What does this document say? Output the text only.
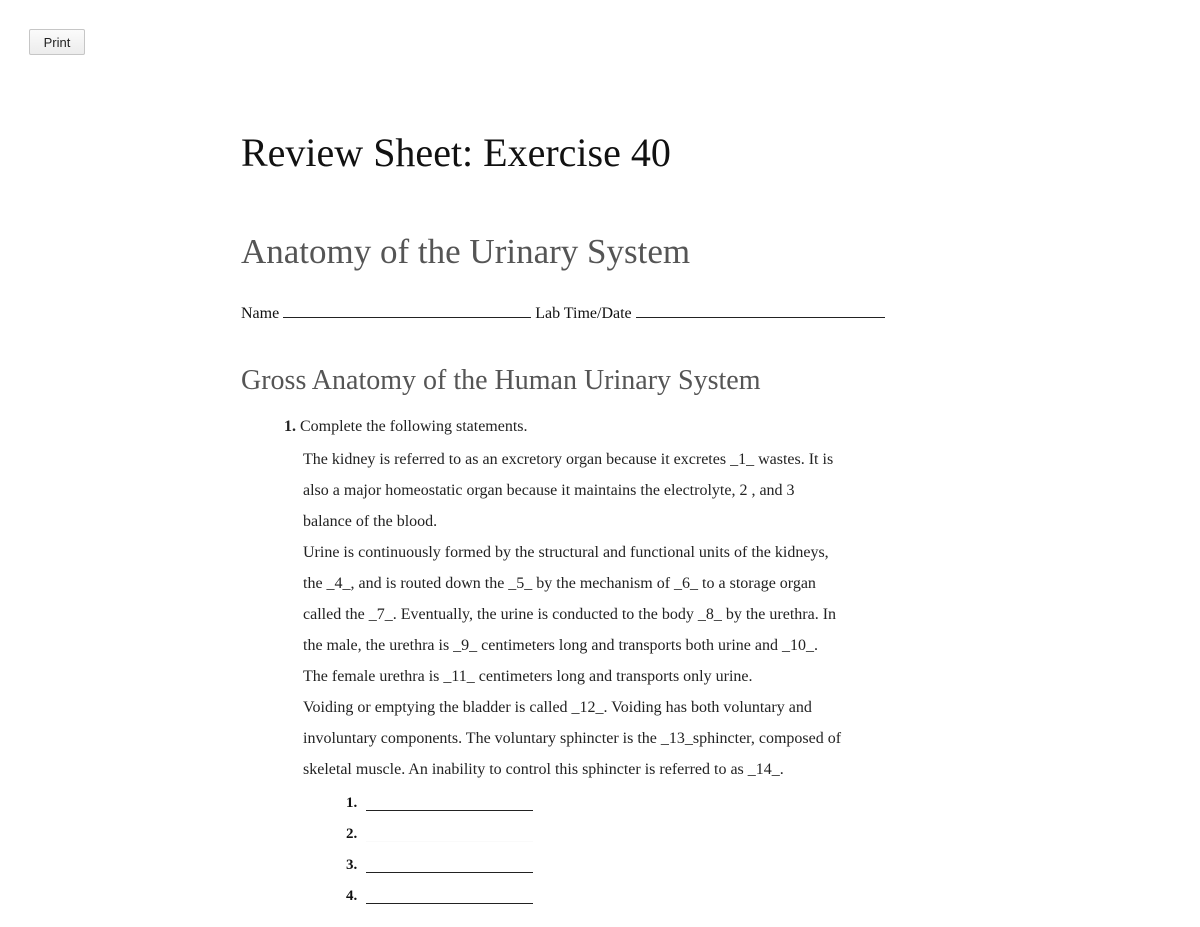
Print
Review Sheet: Exercise 40
Anatomy of the Urinary System
Name	Lab Time/Date
Gross Anatomy of the Human Urinary System
1. Complete the following statements.
The kidney is referred to as an excretory organ because it excretes _1_ wastes. It is
also a major homeostatic organ because it maintains the electrolyte, 2 , and 3
balance of the blood.
Urine is continuously formed by the structural and functional units of the kidneys,
the _4_, and is routed down the _5_ by the mechanism of _6_ to a storage organ
called the _7_. Eventually, the urine is conducted to the body _8_ by the urethra. In
the male, the urethra is _9_ centimeters long and transports both urine and _10_.
The female urethra is _11_ centimeters long and transports only urine.
Voiding or emptying the bladder is called _12_. Voiding has both voluntary and
involuntary components. The voluntary sphincter is the _13_sphincter, composed of
skeletal muscle. An inability to control this sphincter is referred to as _14_.
1.
2.
3.
4.
